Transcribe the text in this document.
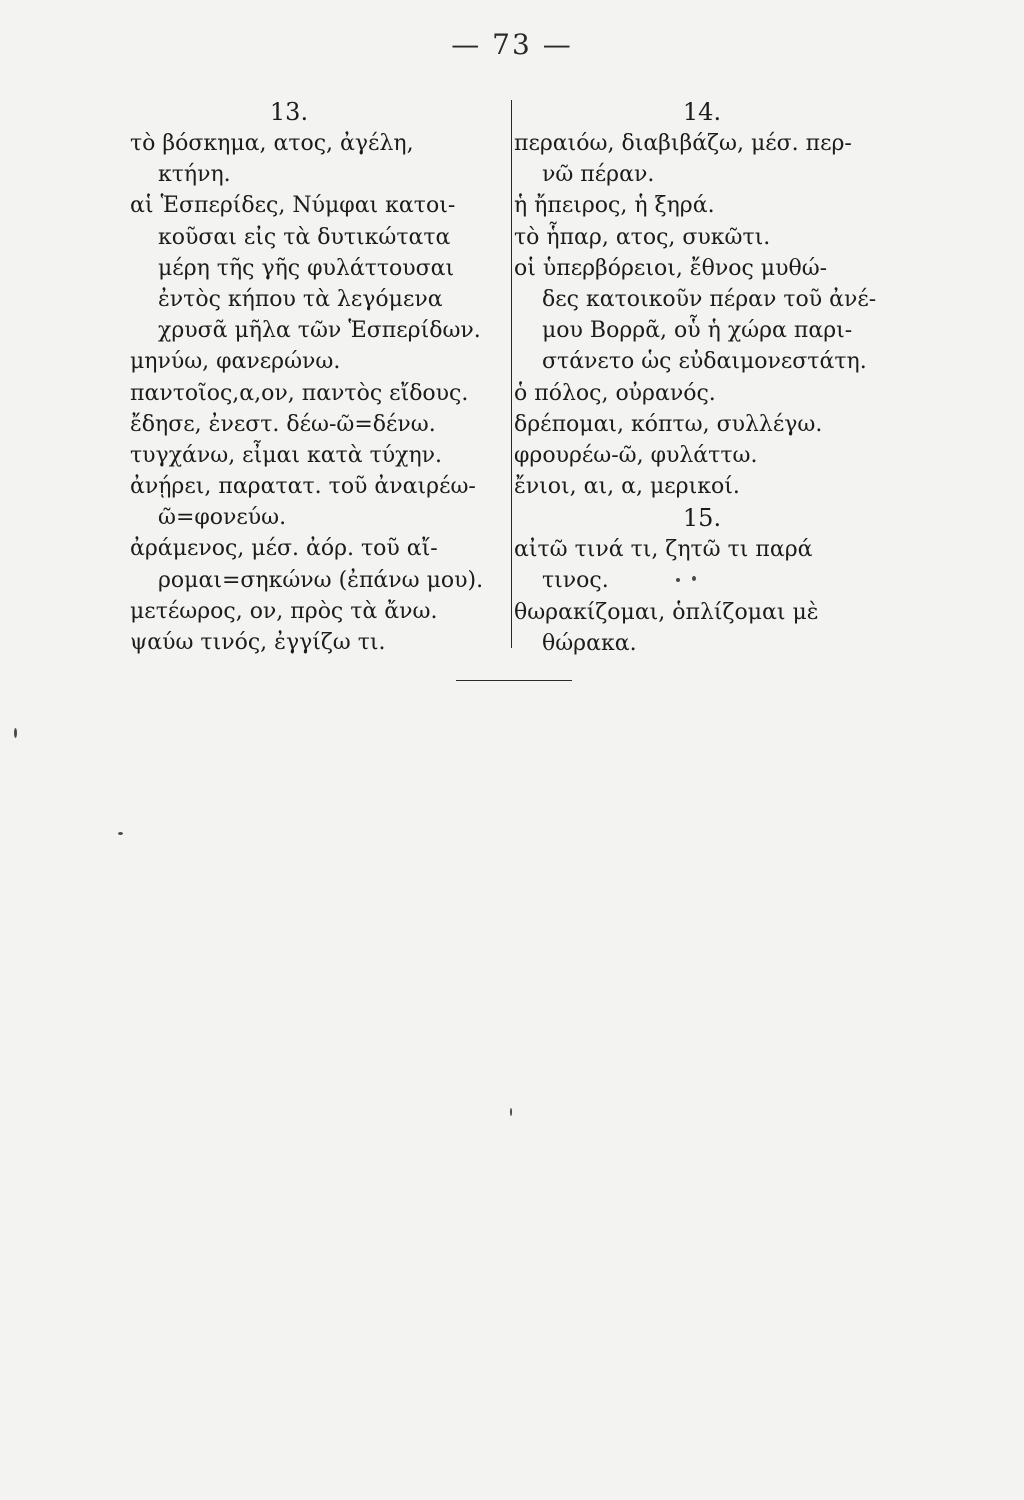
— 73 —
13.
τὸ βόσκημα, ατος, ἀγέλη,
κτήνη.
αἱ Ἑσπερίδες, Νύμφαι κατοι-
κοῦσαι εἰς τὰ δυτικώτατα
μέρη τῆς γῆς φυλάττουσαι
ἐντὸς κήπου τὰ λεγόμενα
χρυσᾶ μῆλα τῶν Ἑσπερίδων.
μηνύω, φανερώνω.
παντοῖος,α,ον, παντὸς εἴδους.
ἔδησε, ἐνεστ. δέω-ῶ=δένω.
τυγχάνω, εἶμαι κατὰ τύχην.
ἀνῄρει, παρατατ. τοῦ ἀναιρέω-
ῶ=φονεύω.
ἀράμενος, μέσ. ἀόρ. τοῦ αἴ-
ρομαι=σηκώνω (ἐπάνω μου).
μετέωρος, ον, πρὸς τὰ ἄνω.
ψαύω τινός, ἐγγίζω τι.
14.
περαιόω, διαβιβάζω, μέσ. περ-
νῶ πέραν.
ἡ ἤπειρος, ἡ ξηρά.
τὸ ἧπαρ, ατος, συκῶτι.
οἱ ὑπερβόρειοι, ἔθνος μυθώ-
δες κατοικοῦν πέραν τοῦ ἀνέ-
μου Βορρᾶ, οὗ ἡ χώρα παρι-
στάνετο ὡς εὐδαιμονεστάτη.
ὁ πόλος, οὐρανός.
δρέπομαι, κόπτω, συλλέγω.
φρουρέω-ῶ, φυλάττω.
ἔνιοι, αι, α, μερικοί.
15.
αἰτῶ τινά τι, ζητῶ τι παρά
τινος.
θωρακίζομαι, ὁπλίζομαι μὲ
θώρακα.
